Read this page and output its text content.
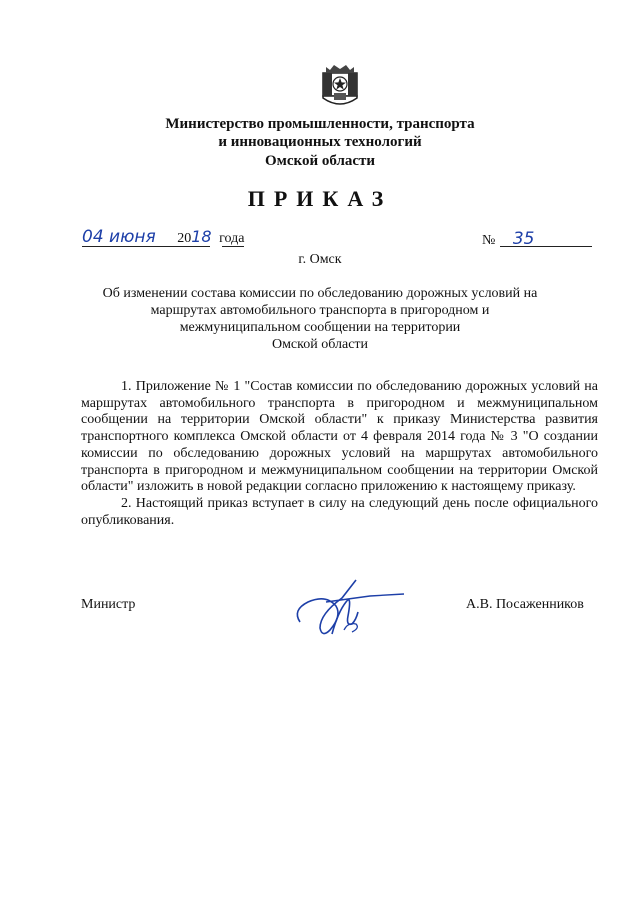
Министерство промышленности, транспорта
и инновационных технологий
Омской области
ПРИКАЗ
04 июня 2018 года	№ 35
г. Омск
Об изменении состава комиссии по обследованию дорожных условий на
маршрутах автомобильного транспорта в пригородном и
межмуниципальном сообщении на территории
Омской области

1. Приложение № 1 "Состав комиссии по обследованию дорожных условий на маршрутах автомобильного транспорта в пригородном и межмуниципальном сообщении на территории Омской области" к приказу Министерства развития транспортного комплекса Омской области от 4 февраля 2014 года № 3 "О создании комиссии по обследованию дорожных условий на маршрутах автомобильного транспорта в пригородном и межмуниципальном сообщении на территории Омской области" изложить в новой редакции согласно приложению к настоящему приказу.

2. Настоящий приказ вступает в силу на следующий день после официального опубликования.

Министр	А.В. Посаженников
